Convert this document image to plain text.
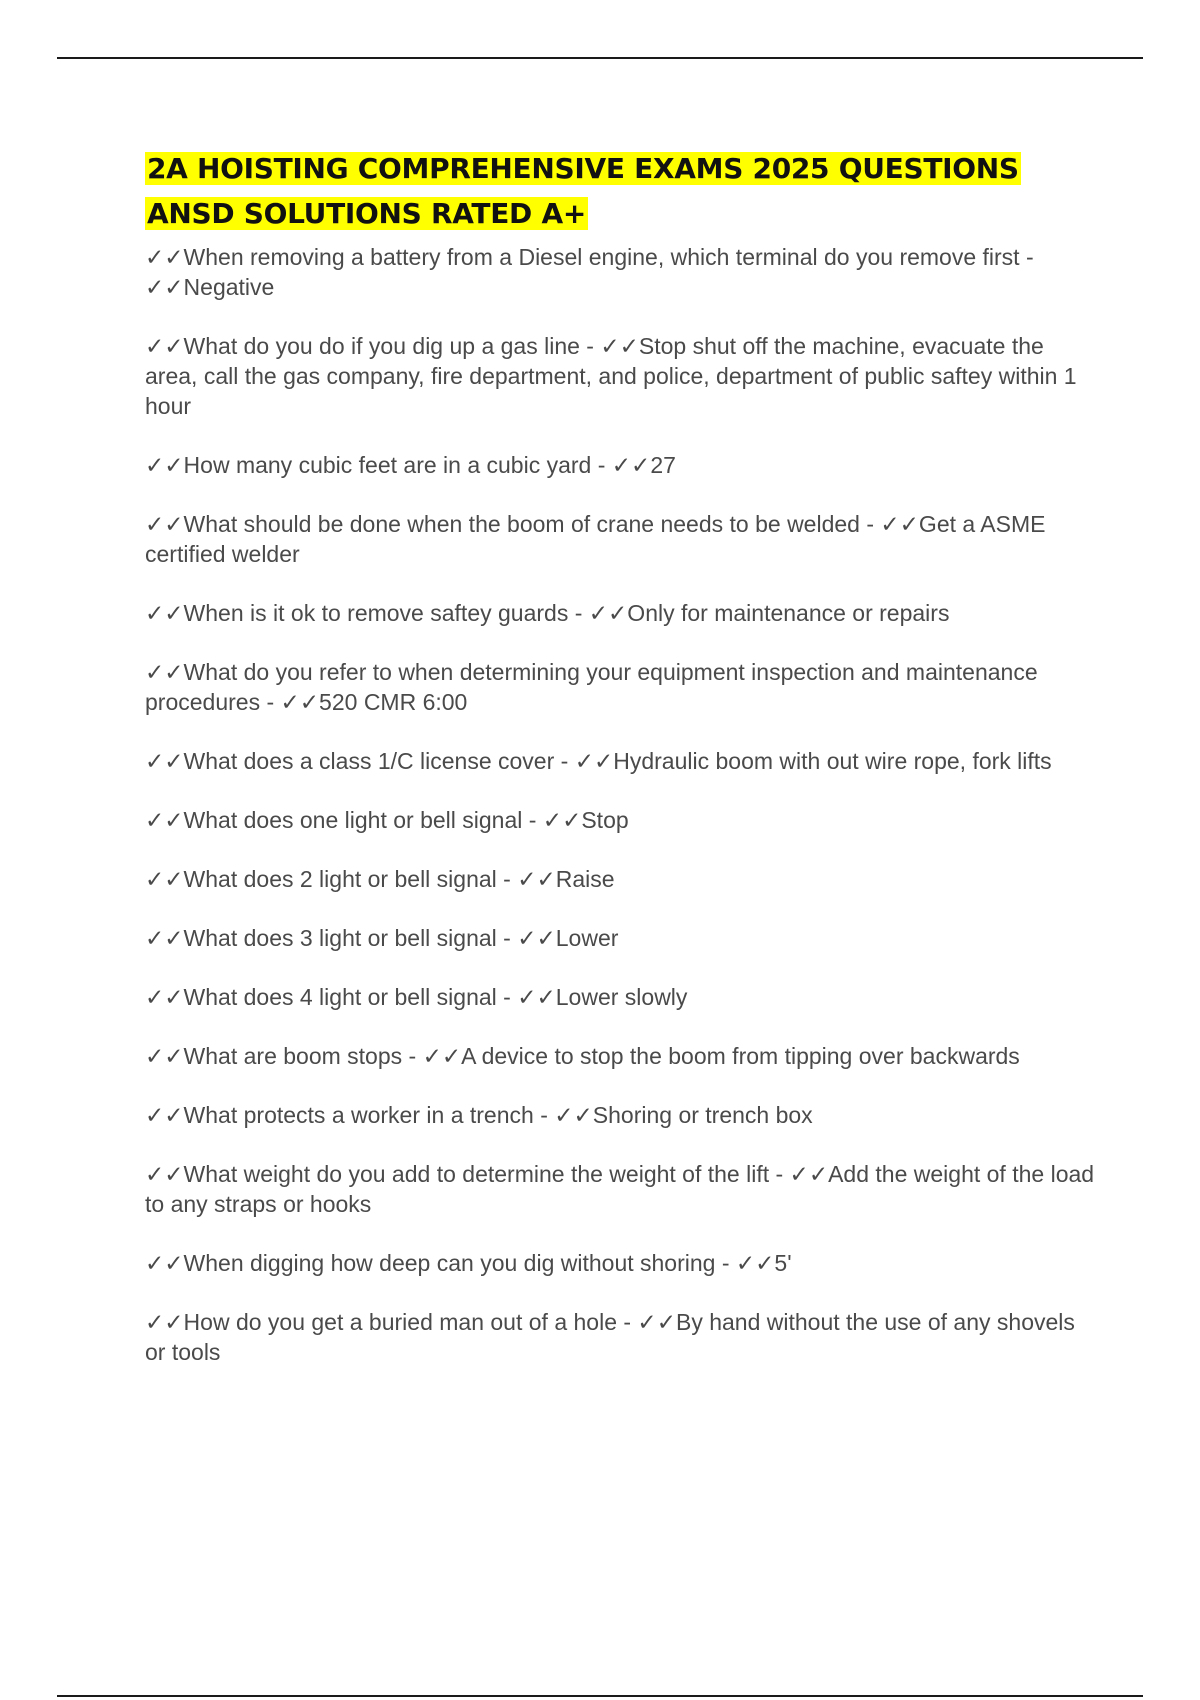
2A HOISTING COMPREHENSIVE EXAMS 2025 QUESTIONS ANSD SOLUTIONS RATED A+
✓✓When removing a battery from a Diesel engine, which terminal do you remove first - ✓✓Negative
✓✓What do you do if you dig up a gas line - ✓✓Stop shut off the machine, evacuate the area, call the gas company, fire department, and police, department of public saftey within 1 hour
✓✓How many cubic feet are in a cubic yard - ✓✓27
✓✓What should be done when the boom of crane needs to be welded - ✓✓Get a ASME certified welder
✓✓When is it ok to remove saftey guards - ✓✓Only for maintenance or repairs
✓✓What do you refer to when determining your equipment inspection and maintenance procedures - ✓✓520 CMR 6:00
✓✓What does a class 1/C license cover - ✓✓Hydraulic boom with out wire rope, fork lifts
✓✓What does one light or bell signal - ✓✓Stop
✓✓What does 2 light or bell signal - ✓✓Raise
✓✓What does 3 light or bell signal - ✓✓Lower
✓✓What does 4 light or bell signal - ✓✓Lower slowly
✓✓What are boom stops - ✓✓A device to stop the boom from tipping over backwards
✓✓What protects a worker in a trench - ✓✓Shoring or trench box
✓✓What weight do you add to determine the weight of the lift - ✓✓Add the weight of the load to any straps or hooks
✓✓When digging how deep can you dig without shoring - ✓✓5'
✓✓How do you get a buried man out of a hole - ✓✓By hand without the use of any shovels or tools
